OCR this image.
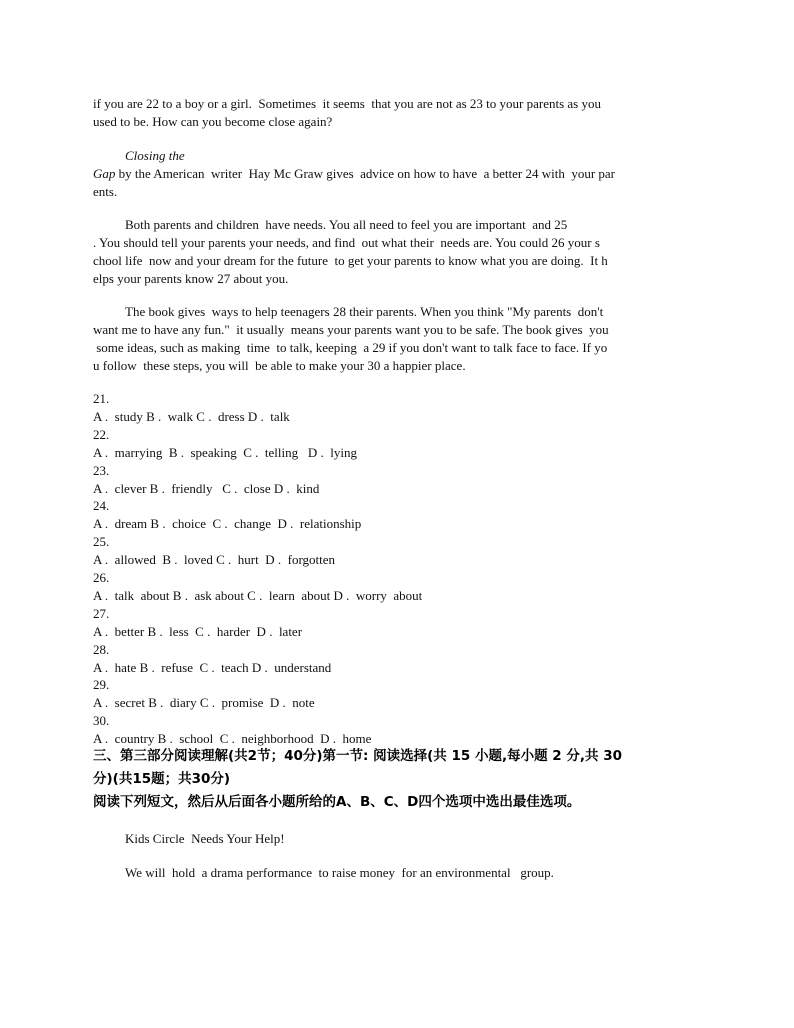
if you are 22 to a boy or a girl.  Sometimes  it seems  that you are not as 23 to your parents as you
used to be. How can you become close again?
Closing the
Gap by the American  writer  Hay Mc Graw gives  advice on how to have  a better 24 with  your par
ents.
Both parents and children  have needs. You all need to feel you are important  and 25
. You should tell your parents your needs, and find  out what their  needs are. You could 26 your s
chool life  now and your dream for the future  to get your parents to know what you are doing.  It h
elps your parents know 27 about you.
The book gives  ways to help teenagers 28 their parents. When you think "My parents  don't
want me to have any fun."  it usually  means your parents want you to be safe. The book gives  you
some ideas, such as making  time  to talk, keeping  a 29 if you don't want to talk face to face. If yo
u follow  these steps, you will  be able to make your 30 a happier place.
21.
A .  study B .  walk C .  dress D .  talk
22.
A .  marrying  B .  speaking  C .  telling   D .  lying
23.
A .  clever B .  friendly   C .  close D .  kind
24.
A .  dream B .  choice  C .  change  D .  relationship
25.
A .  allowed  B .  loved C .  hurt  D .  forgotten
26.
A .  talk  about B .  ask about C .  learn  about D .  worry  about
27.
A .  better B .  less  C .  harder  D .  later
28.
A .  hate B .  refuse  C .  teach D .  understand
29.
A .  secret B .  diary C .  promise  D .  note
30.
A .  country B .  school  C .  neighborhood  D .  home
三、第三部分阅读理解(共2节；40分)第一节: 阅读选择(共 15 小题,每小题 2 分,共 30
分)(共15题；共30分)
阅读下列短文，然后从后面各小题所给的A、B、C、D四个选项中选出最佳选项。
Kids Circle  Needs Your Help!
We will  hold  a drama performance  to raise money  for an environmental   group.
